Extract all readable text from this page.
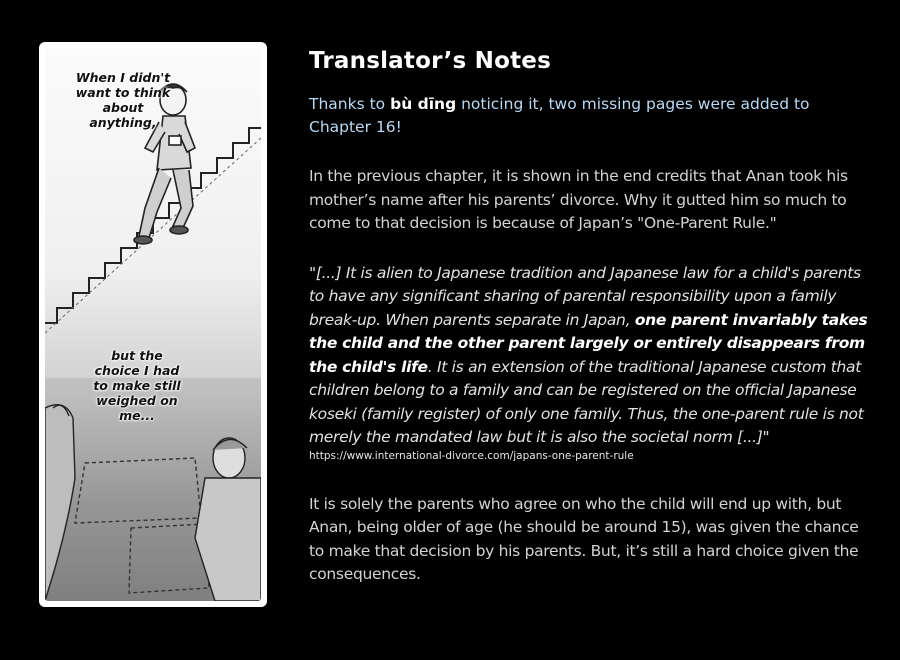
When I didn't want to think about anything,
but the choice I had to make still weighed on me...
Translator’s Notes

Thanks to bù dīng noticing it, two missing pages were added to Chapter 16!

In the previous chapter, it is shown in the end credits that Anan took his mother’s name after his parents’ divorce. Why it gutted him so much to come to that decision is because of Japan’s "One-Parent Rule."

"[...] It is alien to Japanese tradition and Japanese law for a child's parents to have any significant sharing of parental responsibility upon a family break-up. When parents separate in Japan, one parent invariably takes the child and the other parent largely or entirely disappears from the child's life. It is an extension of the traditional Japanese custom that children belong to a family and can be registered on the official Japanese koseki (family register) of only one family. Thus, the one-parent rule is not merely the mandated law but it is also the societal norm [...]"

https://www.international-divorce.com/japans-one-parent-rule

It is solely the parents who agree on who the child will end up with, but Anan, being older of age (he should be around 15), was given the chance to make that decision by his parents. But, it’s still a hard choice given the consequences.
